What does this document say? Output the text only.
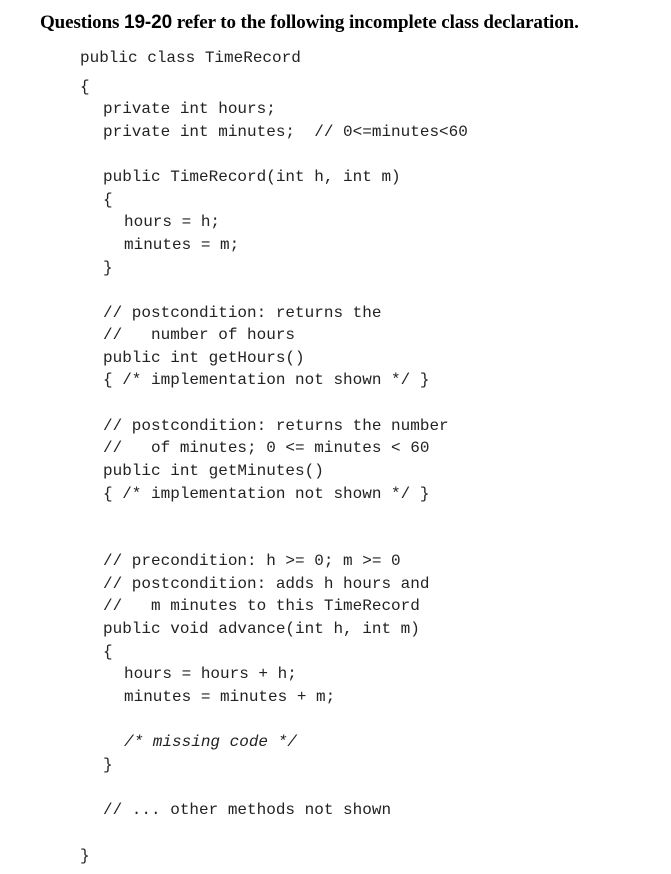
Questions 19-20 refer to the following incomplete class declaration.
public class TimeRecord
{
private int hours;
private int minutes;  // 0<=minutes<60
public TimeRecord(int h, int m)
{
hours = h;
minutes = m;
}
// postcondition: returns the
//   number of hours
public int getHours()
{ /* implementation not shown */ }
// postcondition: returns the number
//   of minutes; 0 <= minutes < 60
public int getMinutes()
{ /* implementation not shown */ }
// precondition: h >= 0; m >= 0
// postcondition: adds h hours and
//   m minutes to this TimeRecord
public void advance(int h, int m)
{
hours = hours + h;
minutes = minutes + m;
/* missing code */
}
// ... other methods not shown
}
